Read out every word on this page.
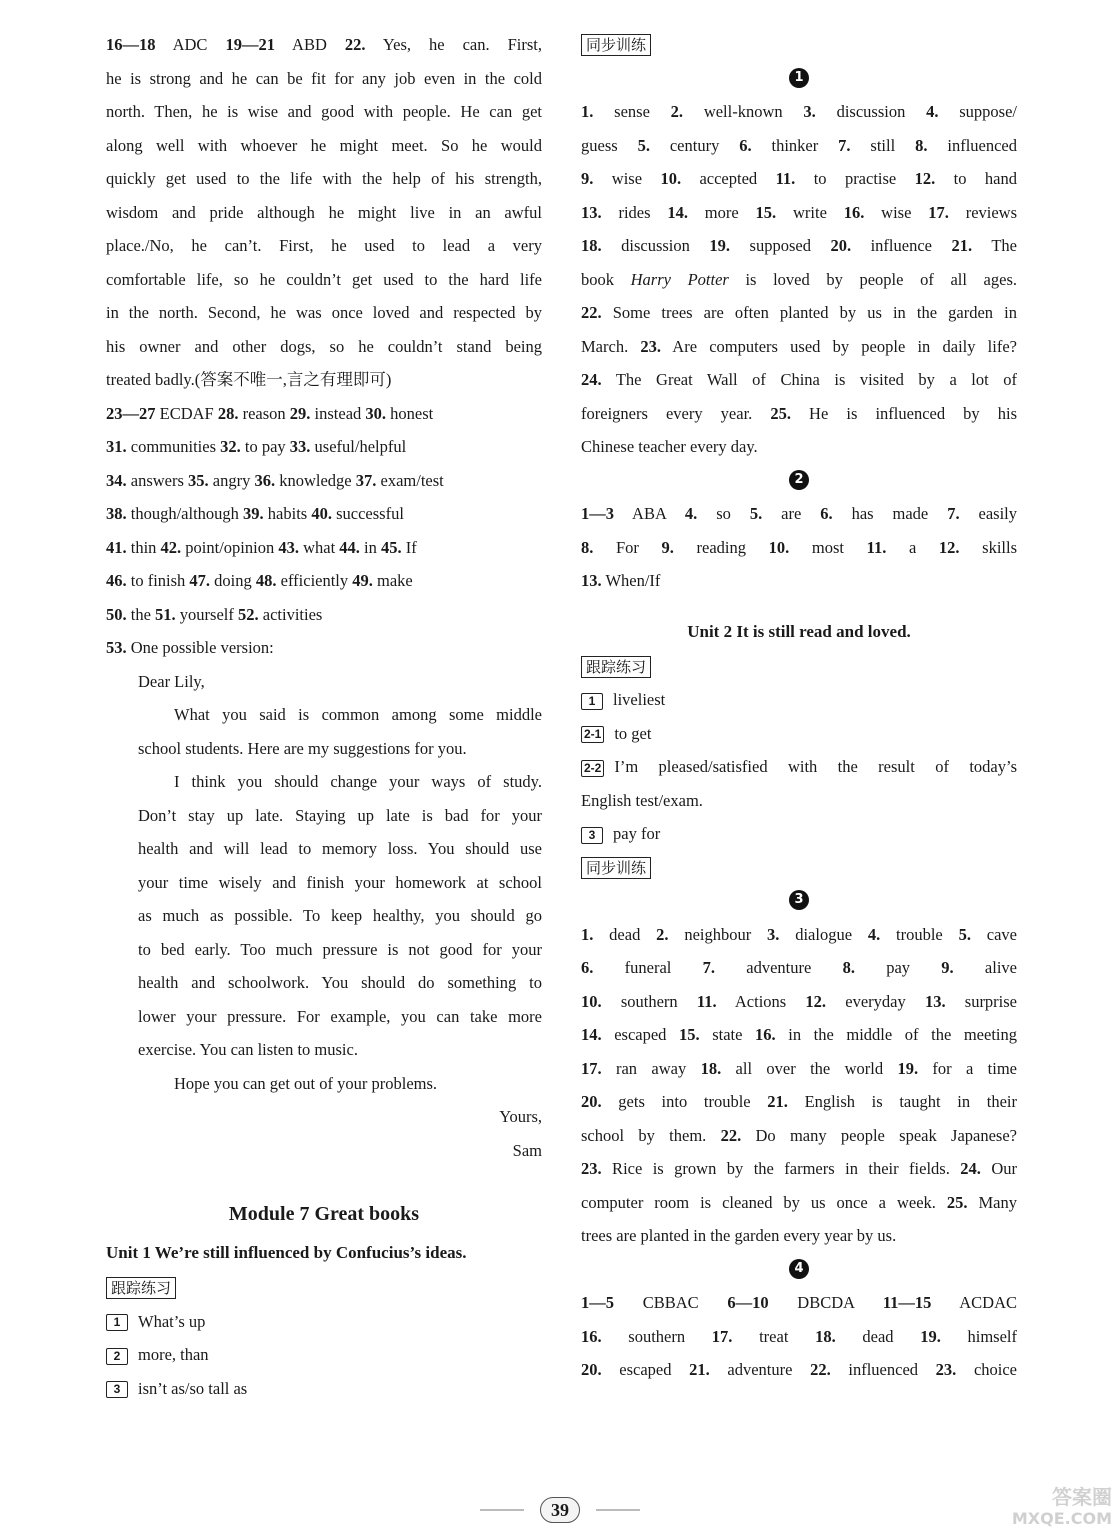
16—18 ADC 19—21 ABD 22. Yes, he can. First,
he is strong and he can be fit for any job even in the cold
north. Then, he is wise and good with people. He can get
along well with whoever he might meet. So he would
quickly get used to the life with the help of his strength,
wisdom and pride although he might live in an awful
place./No, he can’t. First, he used to lead a very
comfortable life, so he couldn’t get used to the hard life
in the north. Second, he was once loved and respected by
his owner and other dogs, so he couldn’t stand being
treated badly.(答案不唯一,言之有理即可)
23—27 ECDAF 28. reason 29. instead 30. honest
31. communities 32. to pay 33. useful/helpful
34. answers 35. angry 36. knowledge 37. exam/test
38. though/although 39. habits 40. successful
41. thin 42. point/opinion 43. what 44. in 45. If
46. to finish 47. doing 48. efficiently 49. make
50. the 51. yourself 52. activities
53. One possible version:
Dear Lily,
What you said is common among some middle
school students. Here are my suggestions for you.
I think you should change your ways of study.
Don’t stay up late. Staying up late is bad for your
health and will lead to memory loss. You should use
your time wisely and finish your homework at school
as much as possible. To keep healthy, you should go
to bed early. Too much pressure is not good for your
health and schoolwork. You should do something to
lower your pressure. For example, you can take more
exercise. You can listen to music.
Hope you can get out of your problems.
Yours,
Sam
Module 7 Great books
Unit 1 We’re still influenced by Confucius’s ideas.
跟踪练习
1 What’s up
2 more, than
3 isn’t as/so tall as
同步训练
1
1. sense 2. well-known 3. discussion 4. suppose/
guess 5. century 6. thinker 7. still 8. influenced
9. wise 10. accepted 11. to practise 12. to hand
13. rides 14. more 15. write 16. wise 17. reviews
18. discussion 19. supposed 20. influence 21. The
book Harry Potter is loved by people of all ages.
22. Some trees are often planted by us in the garden in
March. 23. Are computers used by people in daily life?
24. The Great Wall of China is visited by a lot of
foreigners every year. 25. He is influenced by his
Chinese teacher every day.
2
1—3 ABA 4. so 5. are 6. has made 7. easily
8. For 9. reading 10. most 11. a 12. skills
13. When/If
Unit 2 It is still read and loved.
跟踪练习
1 liveliest
2-1 to get
2-2 I’m pleased/satisfied with the result of today’s
English test/exam.
3 pay for
同步训练
3
1. dead 2. neighbour 3. dialogue 4. trouble 5. cave
6. funeral 7. adventure 8. pay 9. alive
10. southern 11. Actions 12. everyday 13. surprise
14. escaped 15. state 16. in the middle of the meeting
17. ran away 18. all over the world 19. for a time
20. gets into trouble 21. English is taught in their
school by them. 22. Do many people speak Japanese?
23. Rice is grown by the farmers in their fields. 24. Our
computer room is cleaned by us once a week. 25. Many
trees are planted in the garden every year by us.
4
1—5 CBBAC 6—10 DBCDA 11—15 ACDAC
16. southern 17. treat 18. dead 19. himself
20. escaped 21. adventure 22. influenced 23. choice
39
答案圈
MXQE.COM
